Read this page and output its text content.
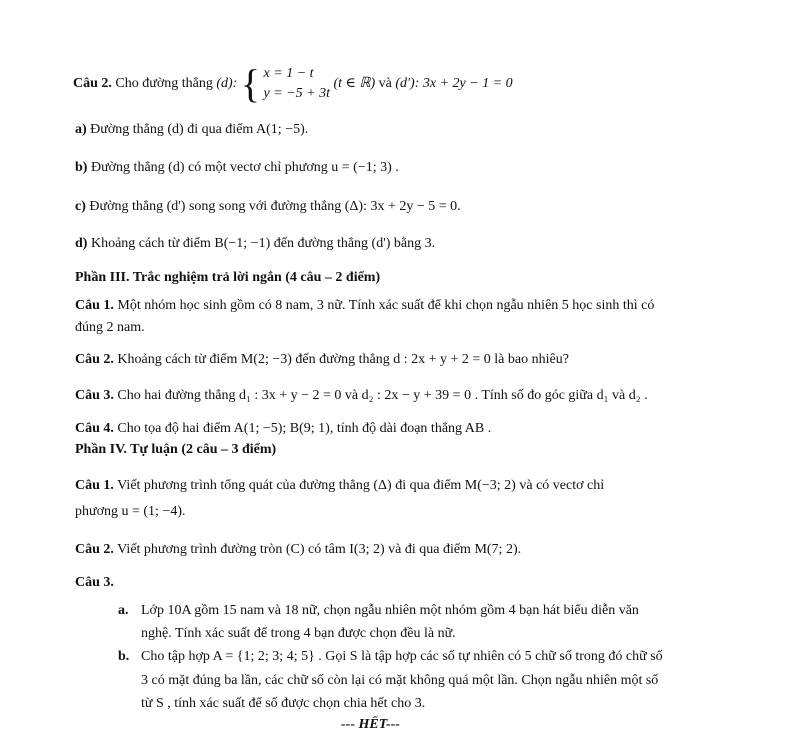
Câu 2. Cho đường thẳng (d): { x = 1 − t
y = −5 + 3t
(t ∈ ℝ) và (d'): 3x + 2y − 1 = 0
a) Đường thẳng (d) đi qua điểm A(1; −5).
b) Đường thẳng (d) có một vectơ chỉ phương u = (−1; 3) .
c) Đường thẳng (d') song song với đường thẳng (Δ): 3x + 2y − 5 = 0.
d) Khoảng cách từ điểm B(−1; −1) đến đường thẳng (d') bằng 3.
Phần III. Trắc nghiệm trả lời ngắn (4 câu – 2 điểm)
Câu 1. Một nhóm học sinh gồm có 8 nam, 3 nữ. Tính xác suất để khi chọn ngẫu nhiên 5 học sinh thì có
đúng 2 nam.
Câu 2. Khoảng cách từ điểm M(2; −3) đến đường thẳng d : 2x + y + 2 = 0 là bao nhiêu?
Câu 3. Cho hai đường thẳng d₁ : 3x + y − 2 = 0 và d₂ : 2x − y + 39 = 0 . Tính số đo góc giữa d₁ và d₂ .
Câu 4. Cho tọa độ hai điểm A(1; −5); B(9; 1), tính độ dài đoạn thẳng AB .
Phần IV. Tự luận (2 câu – 3 điểm)
Câu 1. Viết phương trình tổng quát của đường thẳng (Δ) đi qua điểm M(−3; 2) và có vectơ chỉ
phương u = (1; −4).
Câu 2. Viết phương trình đường tròn (C) có tâm I(3; 2) và đi qua điểm M(7; 2).
Câu 3.
a. Lớp 10A gồm 15 nam và 18 nữ, chọn ngẫu nhiên một nhóm gồm 4 bạn hát biểu diễn văn
nghệ. Tính xác suất để trong 4 bạn được chọn đều là nữ.
b. Cho tập hợp A = {1; 2; 3; 4; 5} . Gọi S là tập hợp các số tự nhiên có 5 chữ số trong đó chữ số
3 có mặt đúng ba lần, các chữ số còn lại có mặt không quá một lần. Chọn ngẫu nhiên một số
từ S , tính xác suất để số được chọn chia hết cho 3.
--- HẾT---
